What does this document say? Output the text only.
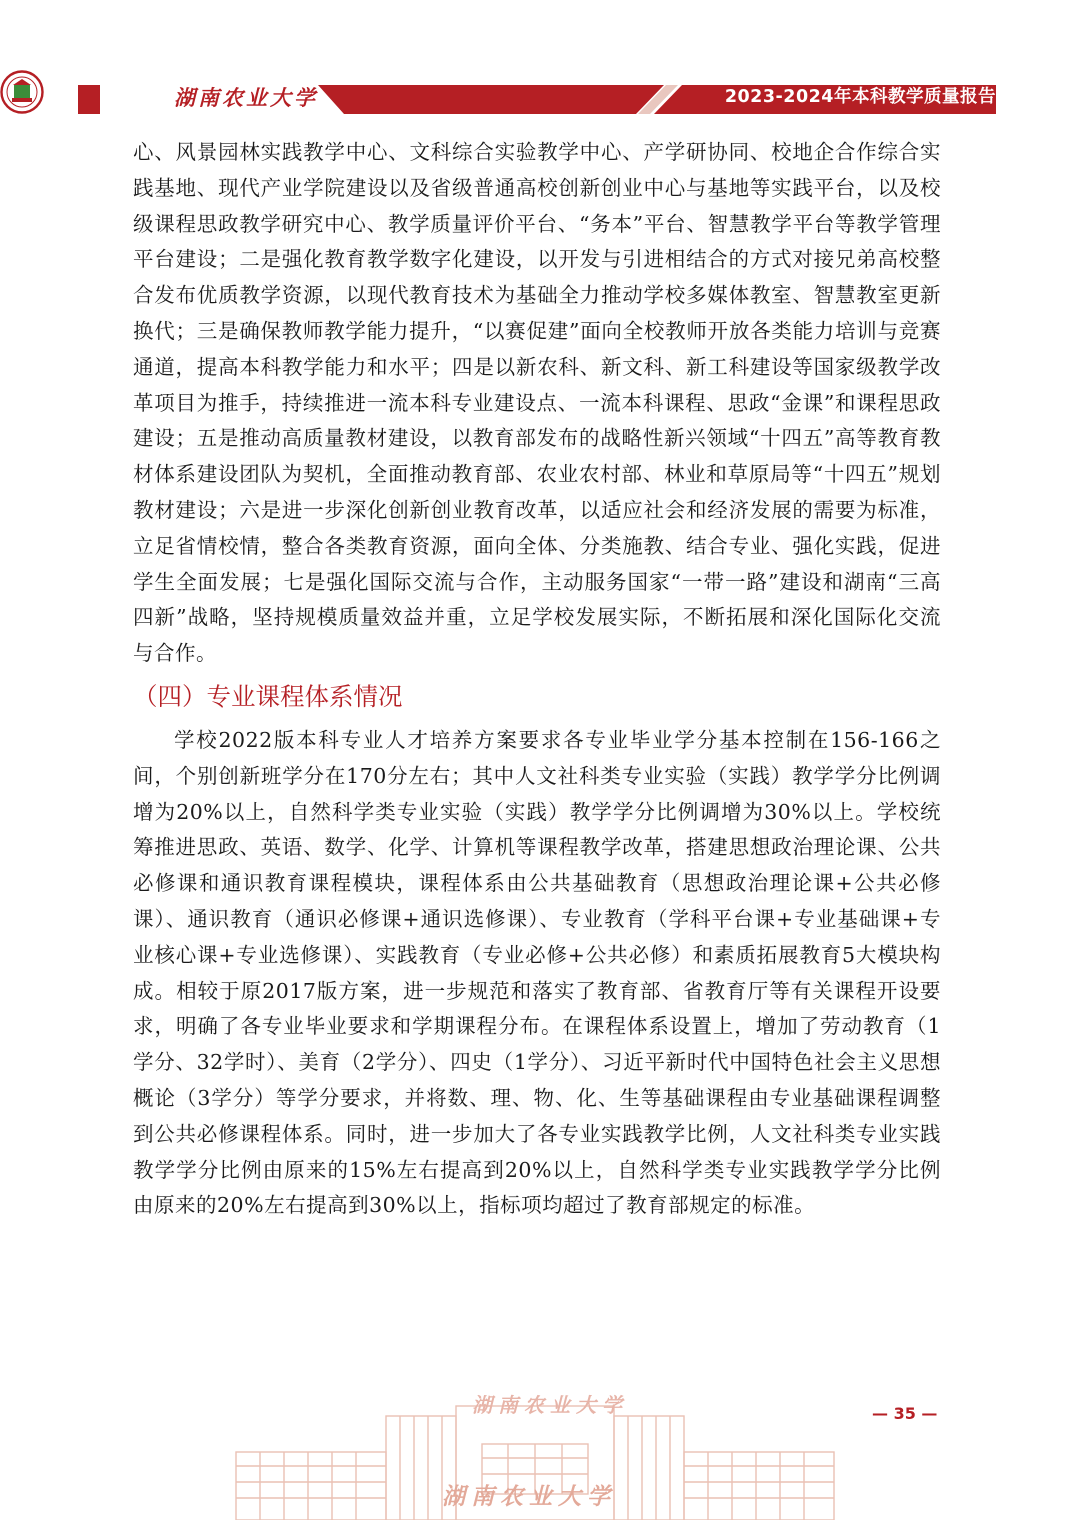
湖南农业大学	2023-2024年本科教学质量报告

心、风景园林实践教学中心、文科综合实验教学中心、产学研协同、校地企合作综合实践基地、现代产业学院建设以及省级普通高校创新创业中心与基地等实践平台，以及校级课程思政教学研究中心、教学质量评价平台、“务本”平台、智慧教学平台等教学管理平台建设；二是强化教育教学数字化建设，以开发与引进相结合的方式对接兄弟高校整合发布优质教学资源，以现代教育技术为基础全力推动学校多媒体教室、智慧教室更新换代；三是确保教师教学能力提升，“以赛促建”面向全校教师开放各类能力培训与竞赛通道，提高本科教学能力和水平；四是以新农科、新文科、新工科建设等国家级教学改革项目为推手，持续推进一流本科专业建设点、一流本科课程、思政“金课”和课程思政建设；五是推动高质量教材建设，以教育部发布的战略性新兴领域“十四五”高等教育教材体系建设团队为契机，全面推动教育部、农业农村部、林业和草原局等“十四五”规划教材建设；六是进一步深化创新创业教育改革，以适应社会和经济发展的需要为标准，立足省情校情，整合各类教育资源，面向全体、分类施教、结合专业、强化实践，促进学生全面发展；七是强化国际交流与合作，主动服务国家“一带一路”建设和湖南“三高四新”战略，坚持规模质量效益并重，立足学校发展实际，不断拓展和深化国际化交流与合作。

（四）专业课程体系情况

学校2022版本科专业人才培养方案要求各专业毕业学分基本控制在156-166之间，个别创新班学分在170分左右；其中人文社科类专业实验（实践）教学学分比例调增为20%以上，自然科学类专业实验（实践）教学学分比例调增为30%以上。学校统筹推进思政、英语、数学、化学、计算机等课程教学改革，搭建思想政治理论课、公共必修课和通识教育课程模块，课程体系由公共基础教育（思想政治理论课+公共必修课）、通识教育（通识必修课+通识选修课）、专业教育（学科平台课+专业基础课+专业核心课+专业选修课）、实践教育（专业必修+公共必修）和素质拓展教育5大模块构成。相较于原2017版方案，进一步规范和落实了教育部、省教育厅等有关课程开设要求，明确了各专业毕业要求和学期课程分布。在课程体系设置上，增加了劳动教育（1学分、32学时）、美育（2学分）、四史（1学分）、习近平新时代中国特色社会主义思想概论（3学分）等学分要求，并将数、理、物、化、生等基础课程由专业基础课程调整到公共必修课程体系。同时，进一步加大了各专业实践教学比例，人文社科类专业实践教学学分比例由原来的15%左右提高到20%以上，自然科学类专业实践教学学分比例由原来的20%左右提高到30%以上，指标项均超过了教育部规定的标准。

湖南农业大学
湖南农业大学
— 35 —
